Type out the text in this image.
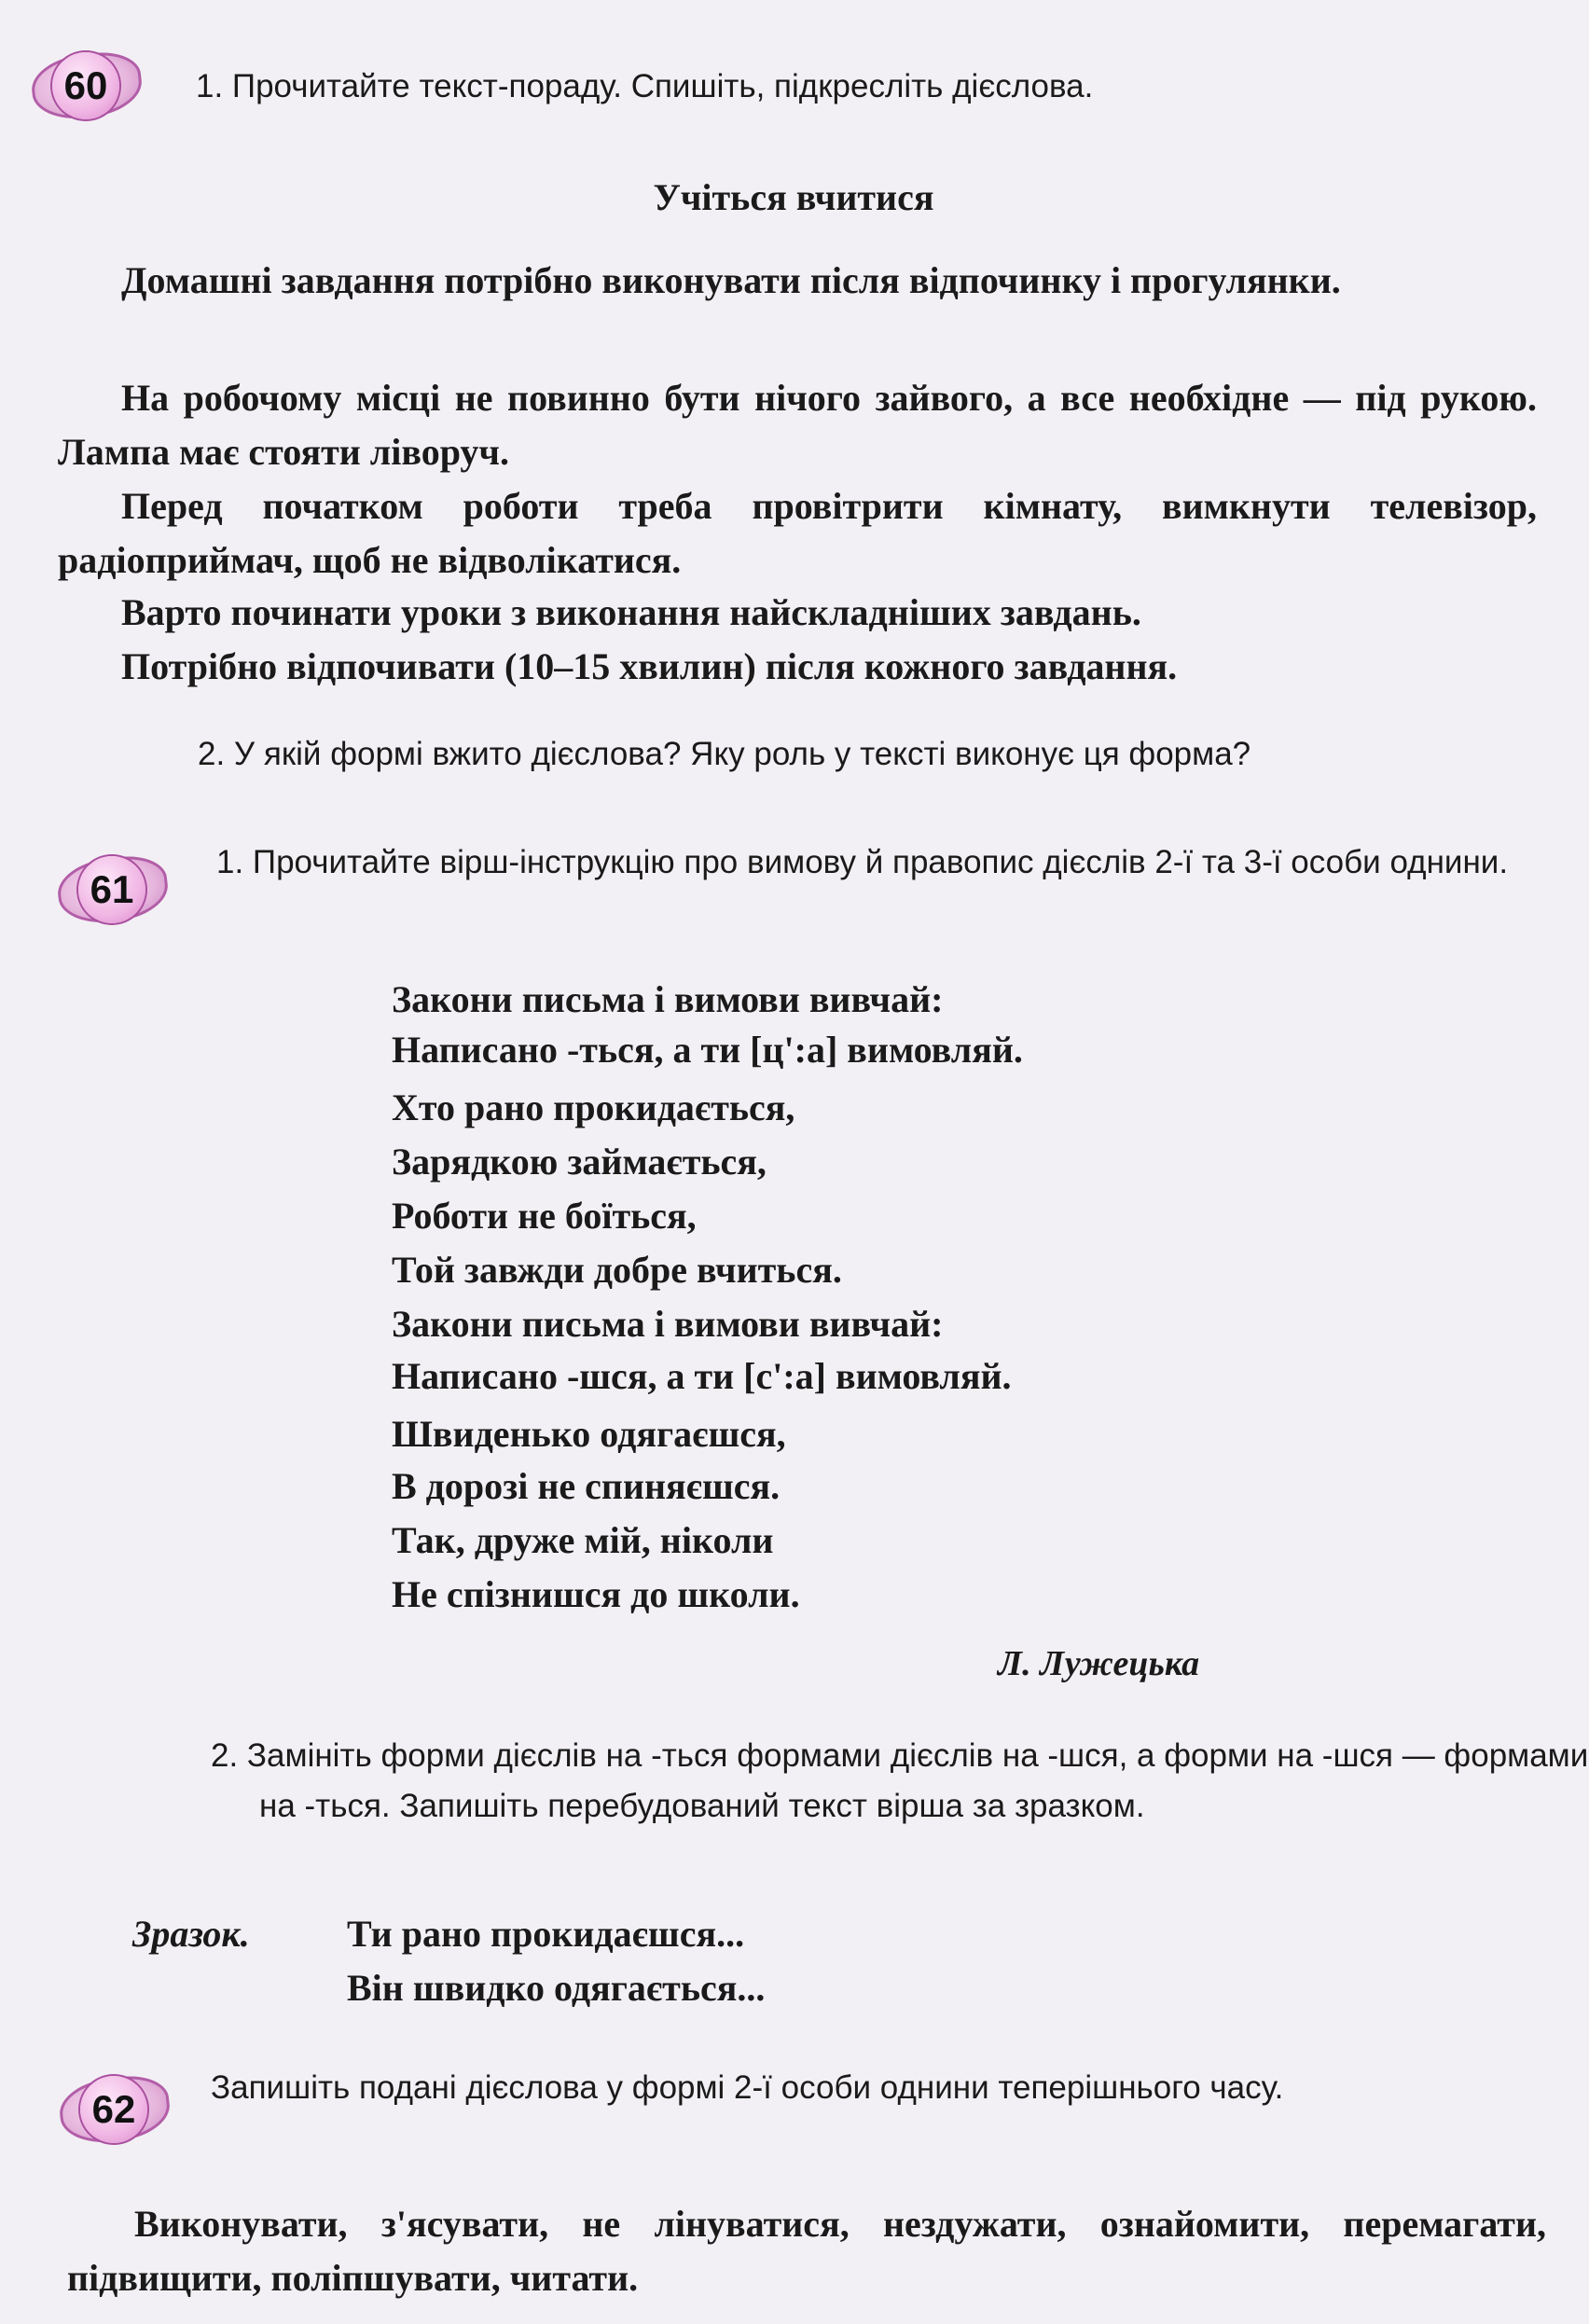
60	1. Прочитайте текст-пораду. Спишіть, підкресліть дієслова.
Учіться вчитися
Домашні завдання потрібно виконувати після відпочинку і прогулянки.
На робочому місці не повинно бути нічого зайвого, а все необхідне — під рукою. Лампа має стояти ліворуч.
Перед початком роботи треба провітрити кімнату, вимкнути телевізор, радіоприймач, щоб не відволікатися.
Варто починати уроки з виконання найскладніших завдань.
Потрібно відпочивати (10–15 хвилин) після кожного завдання.
2. У якій формі вжито дієслова? Яку роль у тексті виконує ця форма?
61
1. Прочитайте вірш-інструкцію про вимову й правопис дієслів 2-ї та 3-ї особи однини.
Закони письма і вимови вивчай:
Написано -ться, а ти [ц':а] вимовляй.
Хто рано прокидається,
Зарядкою займається,
Роботи не боїться,
Той завжди добре вчиться.
Закони письма і вимови вивчай:
Написано -шся, а ти [с':а] вимовляй.
Швиденько одягаєшся,
В дорозі не спиняєшся.
Так, друже мій, ніколи
Не спізнишся до школи.
Л. Лужецька
2. Замініть форми дієслів на -ться формами дієслів на -шся, а форми на -шся — формами на -ться. Запишіть перебудований текст вірша за зразком.
Зразок.	Ти рано прокидаєшся...
Він швидко одягається...
62	Запишіть подані дієслова у формі 2-ї особи однини теперішнього часу.
Виконувати, з'ясувати, не лінуватися, нездужати, ознайомити, перемагати, підвищити, поліпшувати, читати.
